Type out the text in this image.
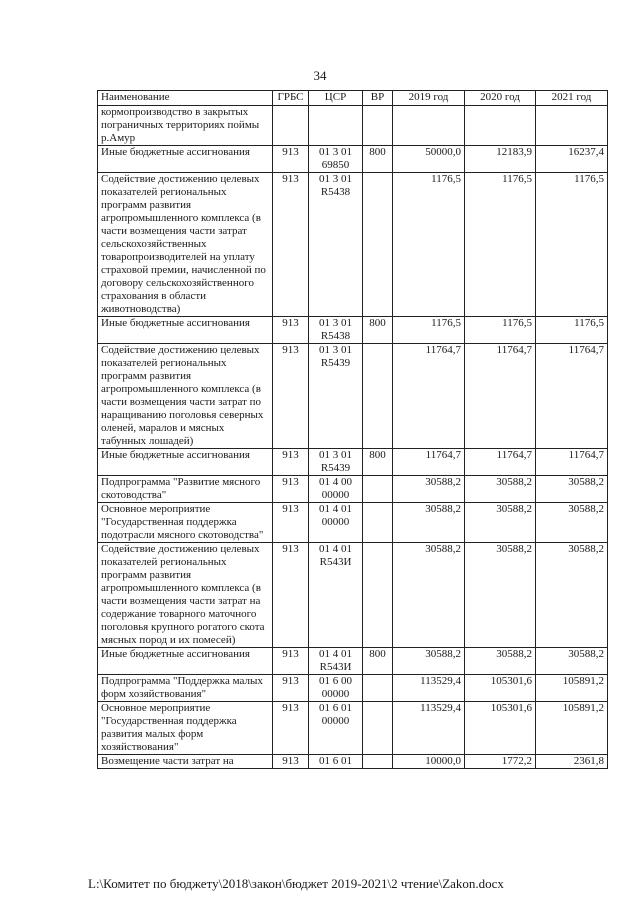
34
Наименование	ГРБС	ЦСР	ВР	2019 год	2020 год	2021 год
кормопроизводство в закрытых пограничных территориях поймы р.Амур						
Иные бюджетные ассигнования	913	01 3 01 69850	800	50000,0	12183,9	16237,4
Содействие достижению целевых показателей региональных программ развития агропромышленного комплекса (в части возмещения части затрат сельскохозяйственных товаропроизводителей на уплату страховой премии, начисленной по договору сельскохозяйственного страхования в области животноводства)	913	01 3 01 R5438		1176,5	1176,5	1176,5
Иные бюджетные ассигнования	913	01 3 01 R5438	800	1176,5	1176,5	1176,5
Содействие достижению целевых показателей региональных программ развития агропромышленного комплекса (в части возмещения части затрат по наращиванию поголовья северных оленей, маралов и мясных табунных лошадей)	913	01 3 01 R5439		11764,7	11764,7	11764,7
Иные бюджетные ассигнования	913	01 3 01 R5439	800	11764,7	11764,7	11764,7
Подпрограмма "Развитие мясного скотоводства"	913	01 4 00 00000		30588,2	30588,2	30588,2
Основное мероприятие "Государственная поддержка подотрасли мясного скотоводства"	913	01 4 01 00000		30588,2	30588,2	30588,2
Содействие достижению целевых показателей региональных программ развития агропромышленного комплекса (в части возмещения части затрат на содержание товарного маточного поголовья крупного рогатого скота мясных пород и их помесей)	913	01 4 01 R543И		30588,2	30588,2	30588,2
Иные бюджетные ассигнования	913	01 4 01 R543И	800	30588,2	30588,2	30588,2
Подпрограмма "Поддержка малых форм хозяйствования"	913	01 6 00 00000		113529,4	105301,6	105891,2
Основное мероприятие "Государственная поддержка развития малых форм хозяйствования"	913	01 6 01 00000		113529,4	105301,6	105891,2
Возмещение части затрат на	913	01 6 01		10000,0	1772,2	2361,8
L:\Комитет по бюджету\2018\закон\бюджет 2019-2021\2 чтение\Zakon.docx
